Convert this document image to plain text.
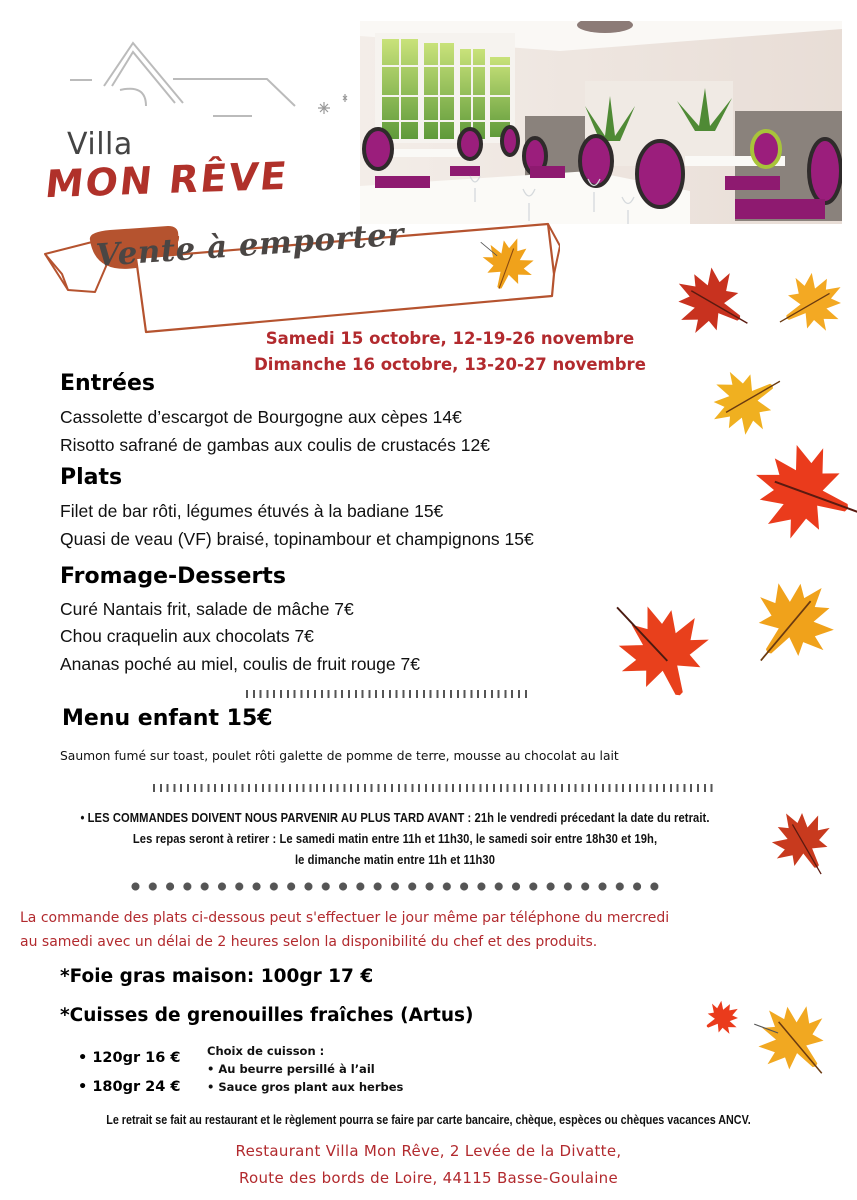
Villa
MON RÊVE
Vente à emporter
Samedi 15 octobre, 12-19-26 novembre
Dimanche 16 octobre, 13-20-27 novembre
Entrées
Cassolette d’escargot de Bourgogne aux cèpes 14€
Risotto safrané de gambas aux coulis de crustacés 12€
Plats
Filet de bar rôti, légumes étuvés à la badiane 15€
Quasi de veau (VF) braisé, topinambour et champignons 15€
Fromage-Desserts
Curé Nantais frit, salade de mâche 7€
Chou craquelin aux chocolats 7€
Ananas poché au miel, coulis de fruit rouge 7€
Menu enfant 15€
Saumon fumé sur toast, poulet rôti galette de pomme de terre, mousse au chocolat au lait

• LES COMMANDES DOIVENT NOUS PARVENIR AU PLUS TARD AVANT : 21h le vendredi précedant la date du retrait.

Les repas seront à retirer : Le samedi matin entre 11h et 11h30, le samedi soir entre 18h30 et 19h,

le dimanche matin entre 11h et 11h30

La commande des plats ci-dessous peut s'effectuer le jour même par téléphone du mercredi
au samedi avec un délai de 2 heures selon la disponibilité du chef et des produits.
*Foie gras maison: 100gr 17 €
*Cuisses de grenouilles fraîches (Artus)
• 120gr 16 €
• 180gr 24 €
Choix de cuisson :
• Au beurre persillé à l’ail
• Sauce gros plant aux herbes
Le retrait se fait au restaurant et le règlement pourra se faire par carte bancaire, chèque, espèces ou chèques vacances ANCV.
Restaurant Villa Mon Rêve, 2 Levée de la Divatte,
Route des bords de Loire, 44115 Basse-Goulaine
